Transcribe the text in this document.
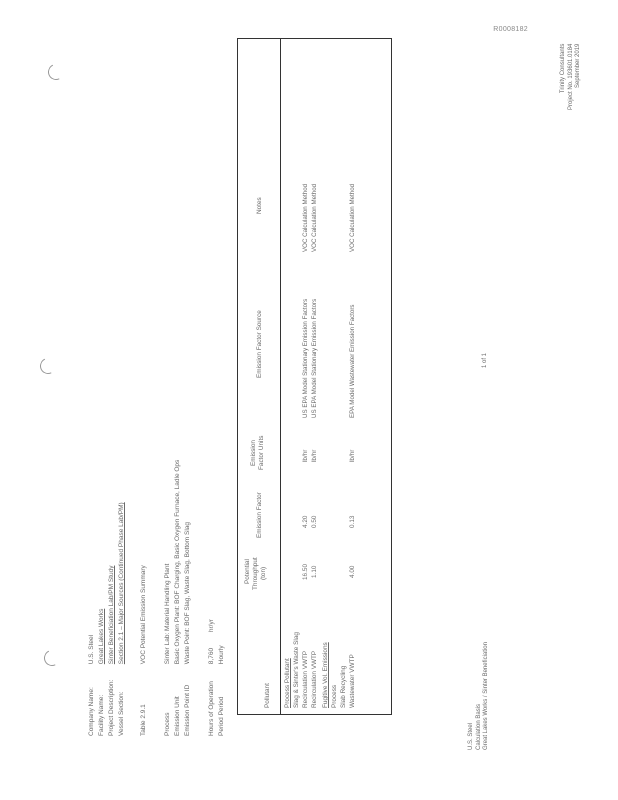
R0008182
Company Name: U.S. Steel
Facility Name: Great Lakes Works
Project Description: Sinter Beneficiation Lab/PM Study
Vessel Section: Section 2.1 – Major Sources (Continued Phase Lab/PM)
Table 2.9.1 VOC Potential Emission Summary
Process Sinter Lab: Material Handling Plant
Emission Unit Basic Oxygen Plant: BOF Charging, Basic Oxygen Furnace, Ladle Ops
Emission Point ID Waste Point: BOF Slag, Waste Slag, Bottom Slag
Hours of Operation 8,760 hr/yr
Period Period Hourly
Pollutant
Potential Throughput (ton)
Emission Factor
Emission Factor Units
Emission Factor Source
Notes
Process Pollutant Slag & Sinter's Waste Slag Recirculation VWTP
16.50
4.20
lb/hr
US EPA Model Stationary Emission Factors
VOC Calculation Method
Recirculation VWTP
1.10
0.50
lb/hr
US EPA Model Stationary Emission Factors
VOC Calculation Method
Fugitive Vol. Emissions Process Slab Recycling Wastewater VWTP
4.00
0.13
lb/hr
EPA Model Wastewater Emission Factors
VOC Calculation Method
U.S. Steel Calculation Basis Great Lakes Works / Sinter Beneficiation
1 of 1
Trinity Consultants Project No. 193601.0184 September 2019
